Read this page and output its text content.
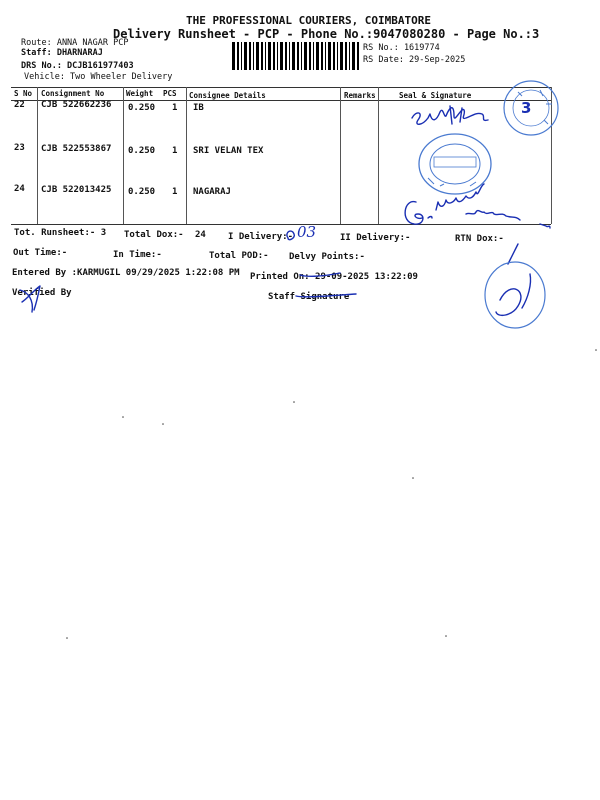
THE PROFESSIONAL COURIERS, COIMBATORE
Delivery Runsheet - PCP - Phone No.:9047080280 - Page No.:3
Route: ANNA NAGAR PCP
Staff: DHARNARAJ
DRS No.: DCJB161977403
Vehicle: Two Wheeler Delivery
RS No.: 1619774
RS Date: 29-Sep-2025
S No Consignment No	Weight PCS Consignee Details	Remarks	Seal & Signature
22 CJB 522662236 0.250 1 IB
23 CJB 522553867 0.250 1 SRI VELAN TEX
24 CJB 522013425 0.250 1 NAGARAJ
Tot. Runsheet:- 3 Total Dox:- 24 I Delivery:- 03	II Delivery:-	RTN Dox:-
Out Time:-	In Time:-	Total POD:- Delvy Points:-
Entered By :KARMUGIL 09/29/2025 1:22:08 PM Printed On: 29-09-2025 13:22:09
Verified By	Staff Signature
3
